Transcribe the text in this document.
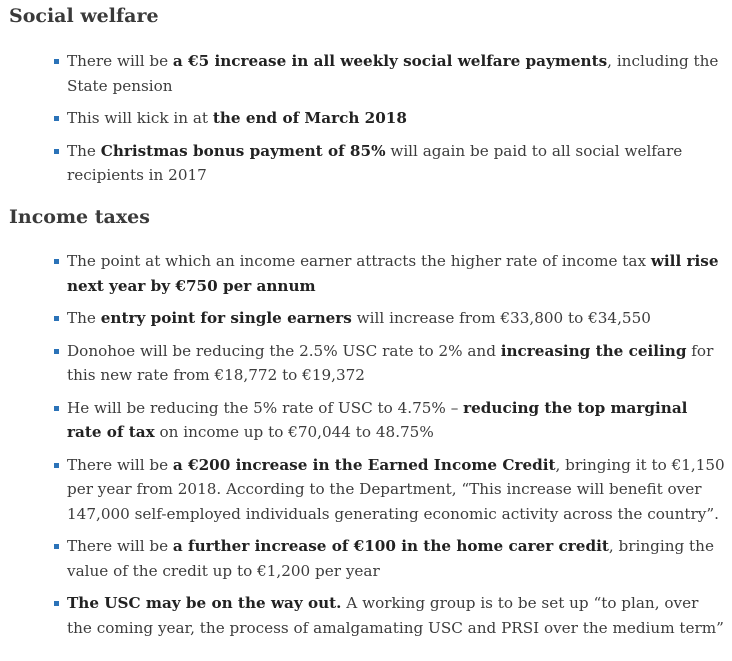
Social welfare
There will be a €5 increase in all weekly social welfare payments, including the State pension
This will kick in at the end of March 2018
The Christmas bonus payment of 85% will again be paid to all social welfare recipients in 2017
Income taxes
The point at which an income earner attracts the higher rate of income tax will rise next year by €750 per annum
The entry point for single earners will increase from €33,800 to €34,550
Donohoe will be reducing the 2.5% USC rate to 2% and increasing the ceiling for this new rate from €18,772 to €19,372
He will be reducing the 5% rate of USC to 4.75% – reducing the top marginal rate of tax on income up to €70,044 to 48.75%
There will be a €200 increase in the Earned Income Credit, bringing it to €1,150 per year from 2018. According to the Department, “This increase will benefit over 147,000 self-employed individuals generating economic activity across the country”.
There will be a further increase of €100 in the home carer credit, bringing the value of the credit up to €1,200 per year
The USC may be on the way out. A working group is to be set up “to plan, over the coming year, the process of amalgamating USC and PRSI over the medium term”
